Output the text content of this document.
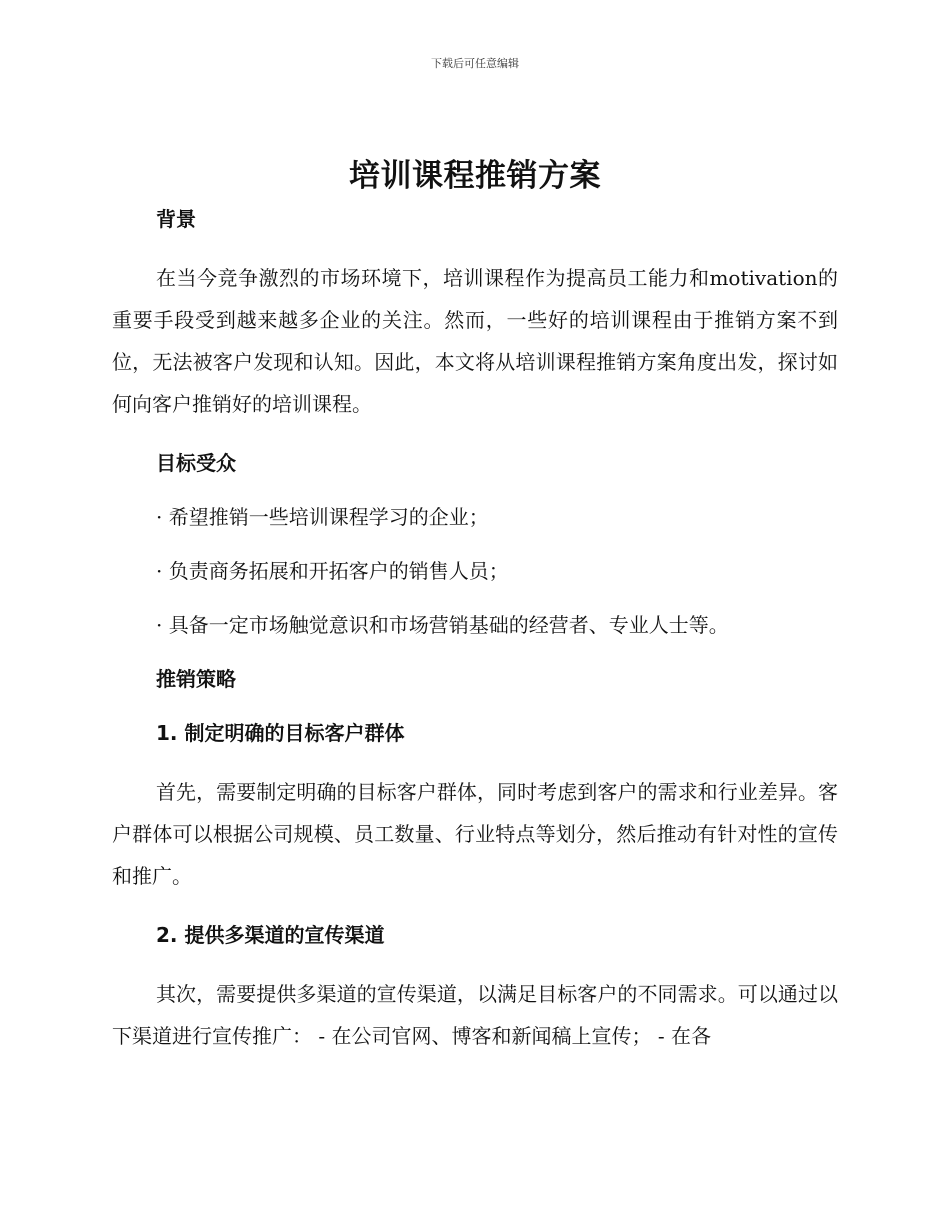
下载后可任意编辑
培训课程推销方案
背景

在当今竞争激烈的市场环境下，培训课程作为提高员工能力和motivation的重要手段受到越来越多企业的关注。然而，一些好的培训课程由于推销方案不到位，无法被客户发现和认知。因此，本文将从培训课程推销方案角度出发，探讨如何向客户推销好的培训课程。

目标受众

· 希望推销一些培训课程学习的企业；

· 负责商务拓展和开拓客户的销售人员；

· 具备一定市场触觉意识和市场营销基础的经营者、专业人士等。

推销策略
1. 制定明确的目标客户群体

首先，需要制定明确的目标客户群体，同时考虑到客户的需求和行业差异。客户群体可以根据公司规模、员工数量、行业特点等划分，然后推动有针对性的宣传和推广。

2. 提供多渠道的宣传渠道

其次，需要提供多渠道的宣传渠道，以满足目标客户的不同需求。可以通过以下渠道进行宣传推广： - 在公司官网、博客和新闻稿上宣传； - 在各
